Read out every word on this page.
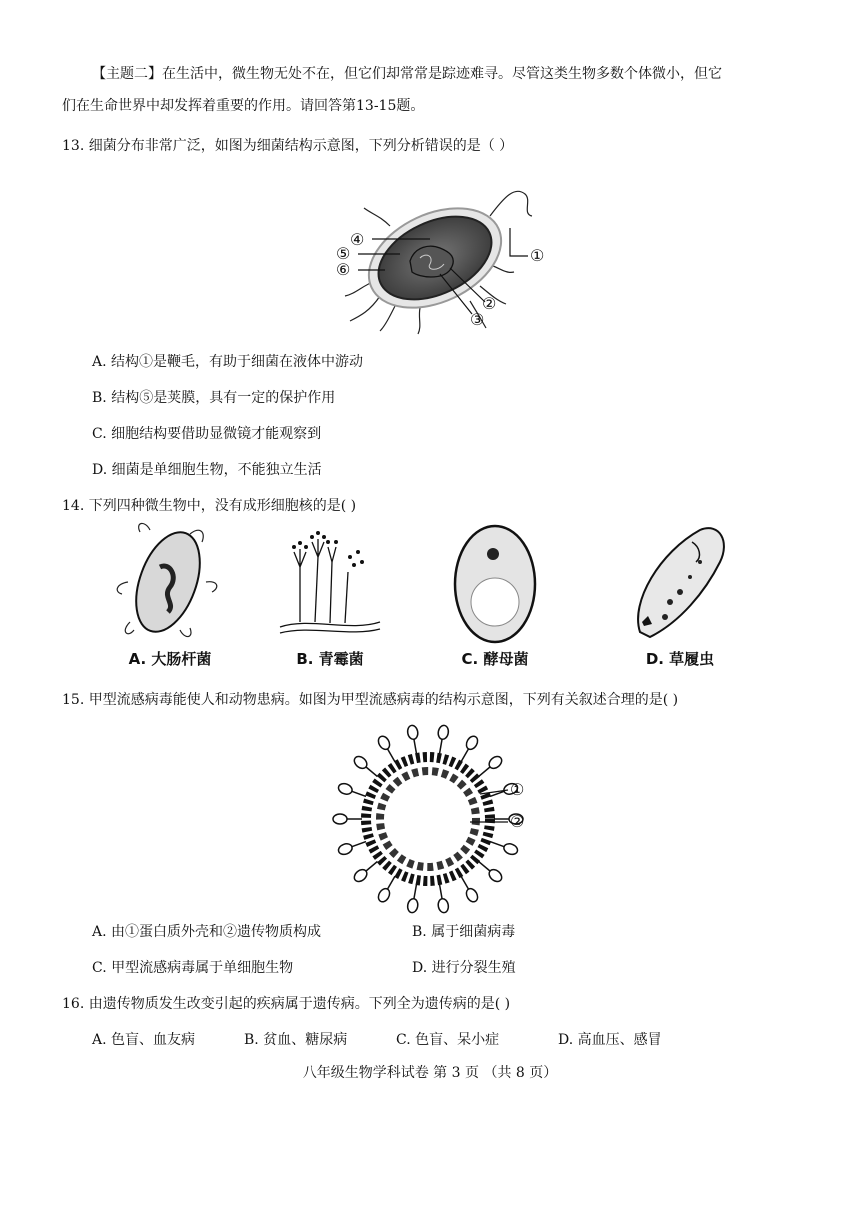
【主题二】在生活中，微生物无处不在，但它们却常常是踪迹难寻。尽管这类生物多数个体微小，但它
们在生命世界中却发挥着重要的作用。请回答第13-15题。
13. 细菌分布非常广泛，如图为细菌结构示意图，下列分析错误的是（ ）
④
⑤
⑥
①
②
③
A. 结构①是鞭毛，有助于细菌在液体中游动
B. 结构⑤是荚膜，具有一定的保护作用
C. 细胞结构要借助显微镜才能观察到
D. 细菌是单细胞生物，不能独立生活
14. 下列四种微生物中，没有成形细胞核的是( )
A. 大肠杆菌	B. 青霉菌	C. 酵母菌	D. 草履虫
15. 甲型流感病毒能使人和动物患病。如图为甲型流感病毒的结构示意图，下列有关叙述合理的是( )
①
②
A. 由①蛋白质外壳和②遗传物质构成	B. 属于细菌病毒
C. 甲型流感病毒属于单细胞生物	D. 进行分裂生殖
16. 由遗传物质发生改变引起的疾病属于遗传病。下列全为遗传病的是( )
A. 色盲、血友病	B. 贫血、糖尿病	C. 色盲、呆小症	D. 高血压、感冒
八年级生物学科试卷 第 3 页 （共 8 页）
